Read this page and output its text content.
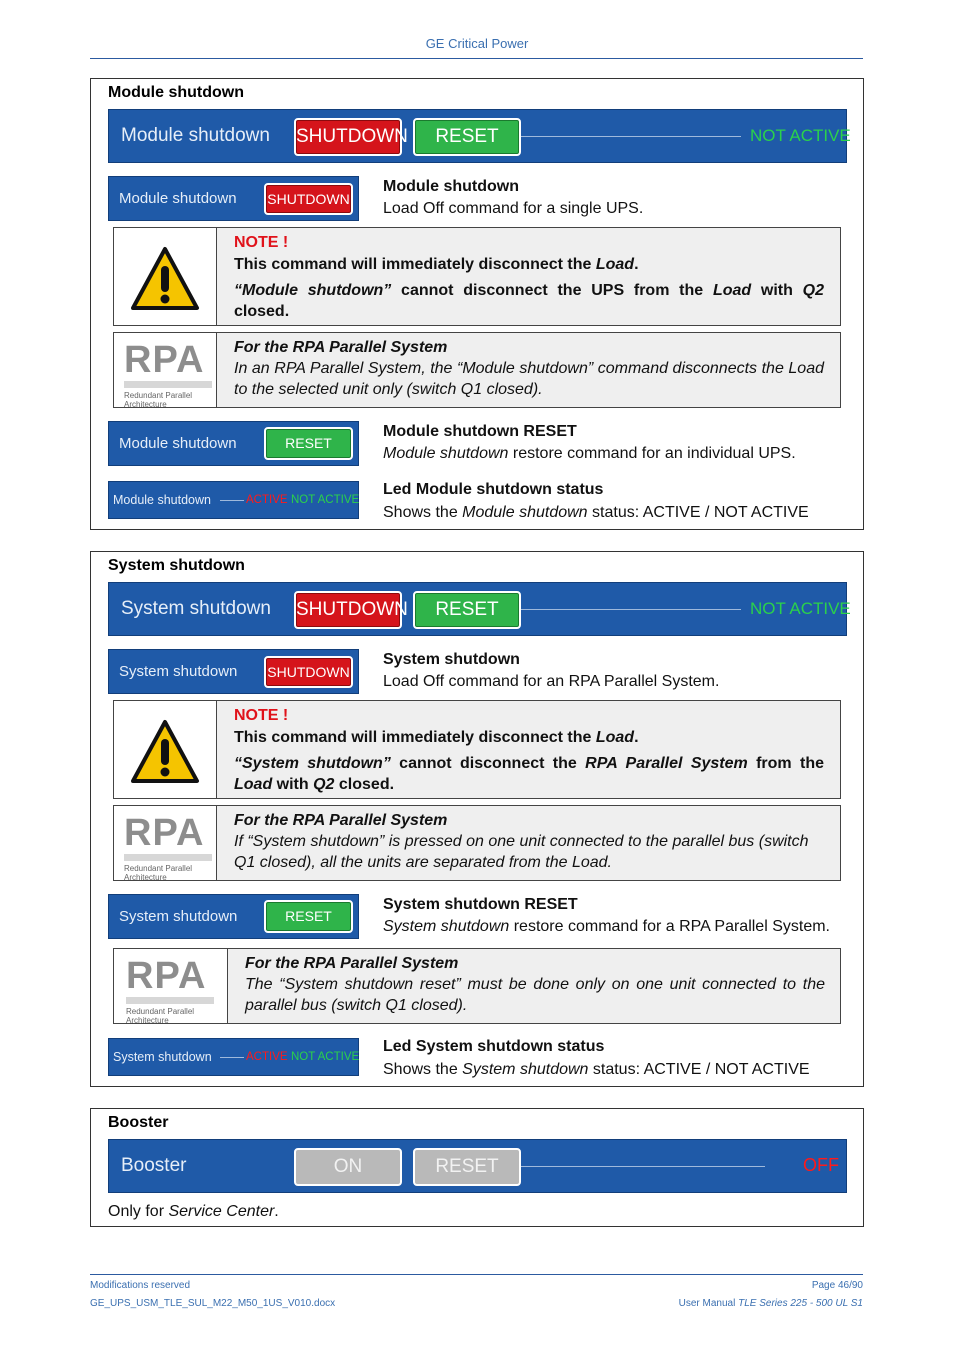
GE Critical Power
Module shutdown
Module shutdown SHUTDOWN	RESET	NOT ACTIVE
Module shutdown SHUTDOWN
Module shutdown
Load Off command for a single UPS.
NOTE !
This command will immediately disconnect the Load.
“Module shutdown” cannot disconnect the UPS from the Load with Q2 closed.
RPA
Redundant Parallel
Architecture
For the RPA Parallel System
In an RPA Parallel System, the “Module shutdown” command disconnects the Load to the selected unit only (switch Q1 closed).
Module shutdown	RESET
Module shutdown RESET
Module shutdown restore command for an individual UPS.
Module shutdown	ACTIVE NOT ACTIVE
Led Module shutdown status
Shows the Module shutdown status: ACTIVE / NOT ACTIVE
System shutdown
System shutdown SHUTDOWN	RESET	NOT ACTIVE
System shutdown SHUTDOWN
System shutdown
Load Off command for an RPA Parallel System.
NOTE !
This command will immediately disconnect the Load.
“System shutdown” cannot disconnect the RPA Parallel System from the Load with Q2 closed.
RPA
Redundant Parallel
Architecture
For the RPA Parallel System
If “System shutdown” is pressed on one unit connected to the parallel bus (switch Q1 closed), all the units are separated from the Load.
System shutdown	RESET
System shutdown RESET
System shutdown restore command for a RPA Parallel System.
RPA
Redundant Parallel
Architecture
For the RPA Parallel System
The “System shutdown reset” must be done only on one unit connected to the parallel bus (switch Q1 closed).
System shutdown	ACTIVE NOT ACTIVE
Led System shutdown status
Shows the System shutdown status: ACTIVE / NOT ACTIVE
Booster
Booster	ON	RESET	OFF
Only for Service Center.
Modifications reserved
GE_UPS_USM_TLE_SUL_M22_M50_1US_V010.docx
Page 46/90
User Manual TLE Series 225 - 500 UL S1
